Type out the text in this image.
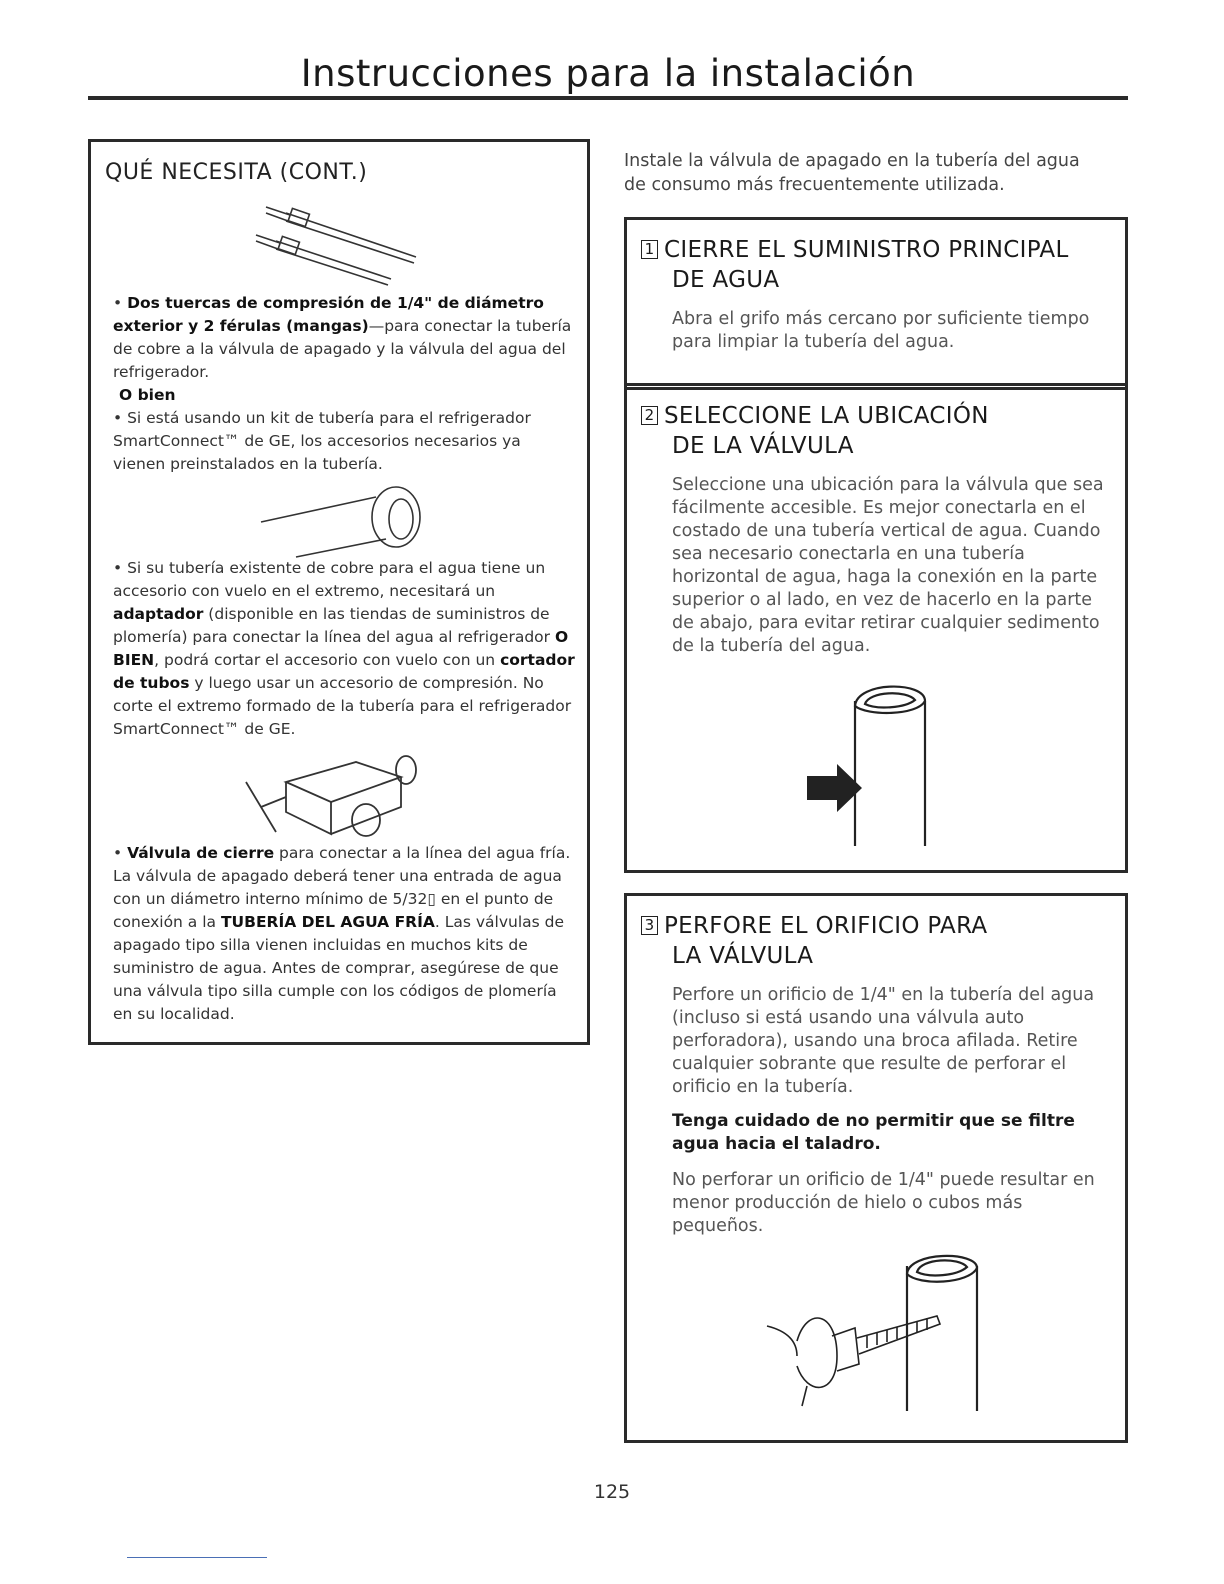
Instrucciones para la instalación
QUÉ NECESITA (CONT.)
• Dos tuercas de compresión de 1/4" de diámetro exterior y 2 férulas (mangas)—para conectar la tubería de cobre a la válvula de apagado y la válvula del agua del refrigerador.
O bien
• Si está usando un kit de tubería para el refrigerador SmartConnect™ de GE, los accesorios necesarios ya vienen preinstalados en la tubería.
• Si su tubería existente de cobre para el agua tiene un accesorio con vuelo en el extremo, necesitará un adaptador (disponible en las tiendas de suministros de plomería) para conectar la línea del agua al refrigerador O BIEN, podrá cortar el accesorio con vuelo con un cortador de tubos y luego usar un accesorio de compresión. No corte el extremo formado de la tubería para el refrigerador SmartConnect™ de GE.
• Válvula de cierre para conectar a la línea del agua fría. La válvula de apagado deberá tener una entrada de agua con un diámetro interno mínimo de 5/32▯ en el punto de conexión a la TUBERÍA DEL AGUA FRÍA. Las válvulas de apagado tipo silla vienen incluidas en muchos kits de suministro de agua. Antes de comprar, asegúrese de que una válvula tipo silla cumple con los códigos de plomería en su localidad.
Instale la válvula de apagado en la tubería del agua de consumo más frecuentemente utilizada.
1 CIERRE EL SUMINISTRO PRINCIPAL
DE AGUA

Abra el grifo más cercano por suficiente tiempo para limpiar la tubería del agua.

2 SELECCIONE LA UBICACIÓN
DE LA VÁLVULA

Seleccione una ubicación para la válvula que sea fácilmente accesible. Es mejor conectarla en el costado de una tubería vertical de agua. Cuando sea necesario conectarla en una tubería horizontal de agua, haga la conexión en la parte superior o al lado, en vez de hacerlo en la parte de abajo, para evitar retirar cualquier sedimento de la tubería del agua.

3 PERFORE EL ORIFICIO PARA
LA VÁLVULA

Perfore un orificio de 1/4" en la tubería del agua (incluso si está usando una válvula auto perforadora), usando una broca afilada. Retire cualquier sobrante que resulte de perforar el orificio en la tubería.

Tenga cuidado de no permitir que se filtre agua hacia el taladro.

No perforar un orificio de 1/4" puede resultar en menor producción de hielo o cubos más pequeños.

125
